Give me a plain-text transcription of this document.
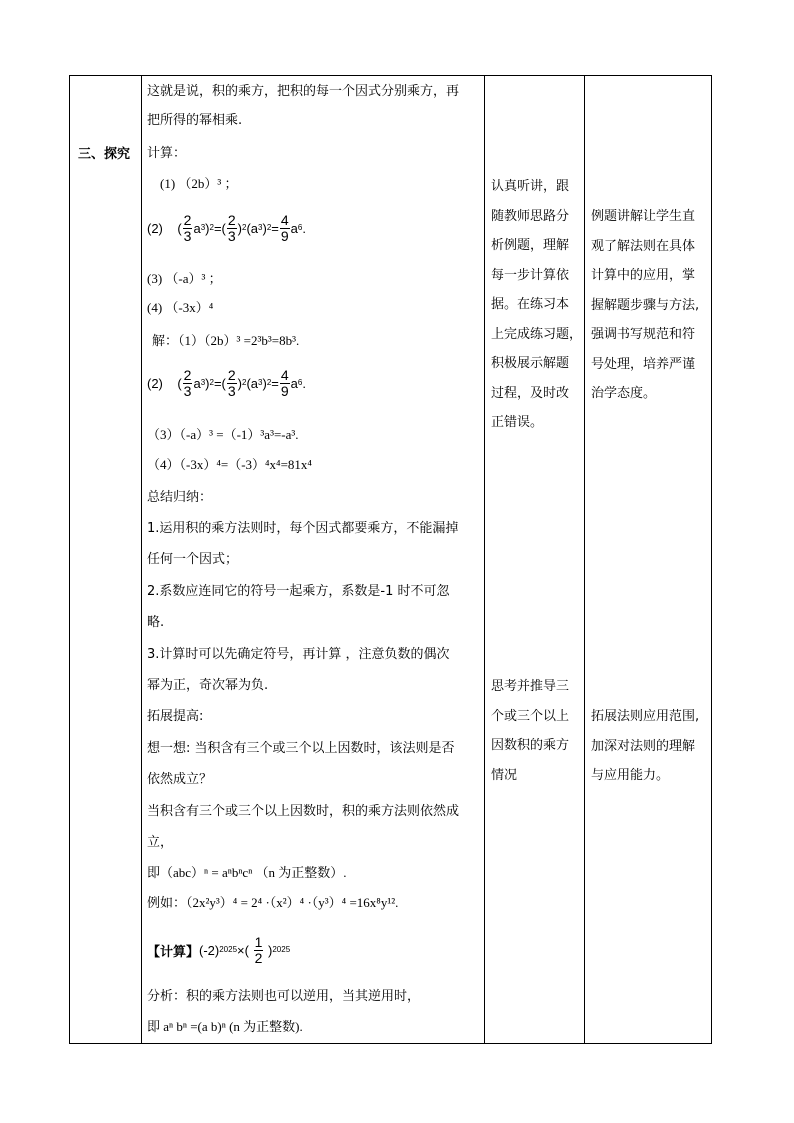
三、探究
这就是说，积的乘方，把积的每一个因式分别乘方，再
把所得的幂相乘.
计算：
(1) （2b）³ ；
(2) ( $\frac{2}{3}$ a 3 ) 2 =( $\frac{2}{3}$ ) 2 (a 3 ) $2 = \frac{4}{9}$ a 6 .
(3) （-a）³ ；
(4) （-3x）⁴
解：（1）（2b）³ =2³b³=8b³.
(2) ( $\frac{2}{3}$ a 3 ) 2 =( $\frac{2}{3}$ ) 2 (a 3 ) $2 = \frac{4}{9}$ a 6 .
（3）（-a）³ =（-1）³a³=-a³.
（4）（-3x）⁴=（-3）⁴x⁴=81x⁴
总结归纳：
1.运用积的乘方法则时，每个因式都要乘方，不能漏掉
任何一个因式；
2.系数应连同它的符号一起乘方，系数是-1 时不可忽
略.
3.计算时可以先确定符号，再计算 ，注意负数的偶次
幂为正，奇次幂为负.
拓展提高:
想一想: 当积含有三个或三个以上因数时，该法则是否
依然成立？
当积含有三个或三个以上因数时，积的乘方法则依然成
立，
即（abc）ⁿ = aⁿbⁿcⁿ （n 为正整数）.
例如：（2x²y³）⁴ = 2⁴ ·（x²）⁴ ·（y³）⁴ =16x⁸y¹².
【计算】 (-2) 2025 ×(
$\frac{1}{2}$
) 2025
分析：积的乘方法则也可以逆用，当其逆用时，
即 aⁿ bⁿ =(a b)ⁿ (n 为正整数).
认真听讲，跟
随教师思路分
析例题，理解
每一步计算依
据。在练习本
上完成练习题，
积极展示解题
过程，及时改
正错误。
思考并推导三
个或三个以上
因数积的乘方
情况
例题讲解让学生直
观了解法则在具体
计算中的应用，掌
握解题步骤与方法,
强调书写规范和符
号处理，培养严谨
治学态度。
拓展法则应用范围,
加深对法则的理解
与应用能力。
